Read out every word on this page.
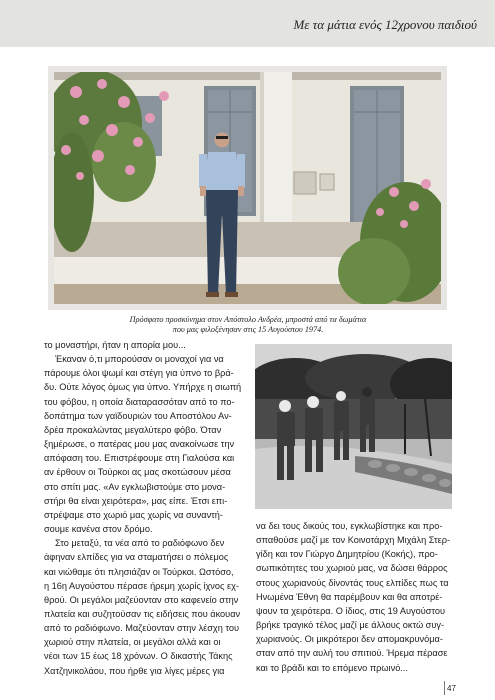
Με τα μάτια ενός 12χρονου παιδιού
Πρόσφατο προσκύνημα στον Απόστολο Ανδρέα, μπροστά από τα δωμάτια
που μας φιλοξένησαν στις 15 Αυγούστου 1974.
το μοναστήρι, ήταν η απορία μου...
Έκαναν ό,τι μπορούσαν οι μοναχοί για να
πάρουμε όλοι ψωμί και στέγη για ύπνο το βρά-
δυ. Ούτε λόγος όμως για ύπνο. Υπήρχε η σιωπή
του φόβου, η οποία διαταρασσόταν από το πο-
δοπάτημα των γαϊδουριών του Αποστόλου Αν-
δρέα προκαλώντας μεγαλύτερο φόβο. Όταν
ξημέρωσε, ο πατέρας μου μας ανακοίνωσε την
απόφαση του. Επιστρέφουμε στη Γιαλούσα και
αν έρθουν οι Τούρκοι ας μας σκοτώσουν μέσα
στο σπίτι μας. «Αν εγκλωβιστούμε στο μονα-
στήρι θα είναι χειρότερα», μας είπε. Έτσι επι-
στρέψαμε στο χωριό μας χωρίς να συναντή-
σουμε κανένα στον δρόμο.
Στο μεταξύ, τα νέα από το ραδιόφωνο δεν
άφηναν ελπίδες για να σταματήσει ο πόλεμος
και νιώθαμε ότι πλησιάζαν οι Τούρκοι. Ωστόσο,
η 16η Αυγούστου πέρασε ήρεμη χωρίς ίχνος εχ-
θρού. Οι μεγάλοι μαζεύονταν στο καφενείο στην
πλατεία και συζητούσαν τις ειδήσεις που άκουαν
από το ραδιόφωνο. Μαζεύονταν στην λέσχη του
χωριού στην πλατεία, οι μεγάλοι αλλά και οι
νέοι των 15 έως 18 χρόνων. Ο δικαστής Τάκης
Χατζηνικολάου, που ήρθε για λίγες μέρες για
να δει τους δικούς του, εγκλωβίστηκε και προ-
σπαθούσε μαζί με τον Κοινοτάρχη Μιχάλη Στερ-
γίδη και τον Γιώργο Δημητρίου (Κοκής), προ-
σωπικότητες του χωριού μας, να δώσει θάρρος
στους χωριανούς δίνοντάς τους ελπίδες πως τα
Ηνωμένα Έθνη θα παρέμβουν και θα αποτρέ-
ψουν τα χειρότερα. Ο ίδιος, στις 19 Αυγούστου
βρήκε τραγικό τέλος μαζί με άλλους οκτώ συγ-
χωριανούς. Οι μικρότεροι δεν απομακρυνόμα-
σταν από την αυλή του σπιτιού. Ήρεμα πέρασε
και το βράδι και το επόμενο πρωινό...
47
